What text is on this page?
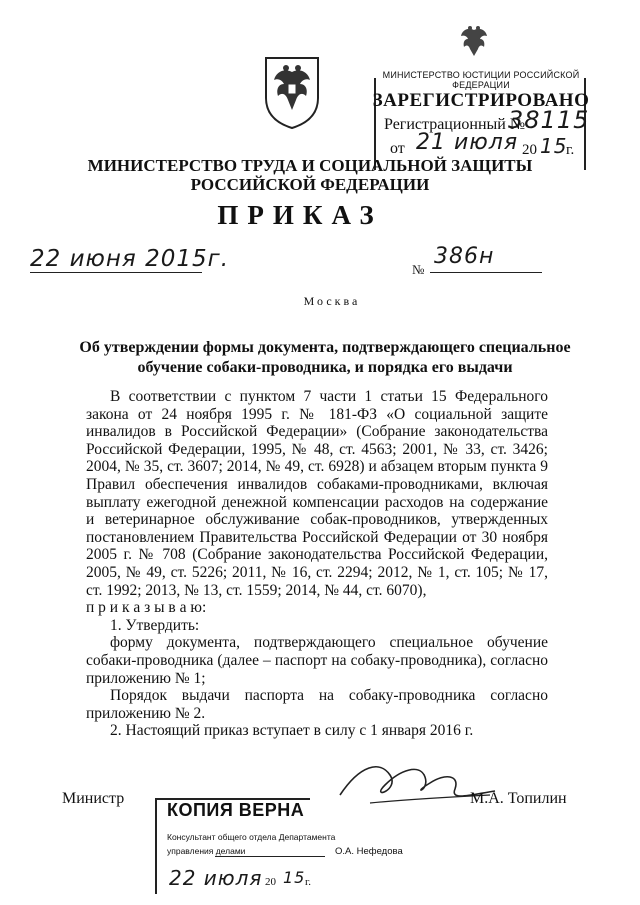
МИНИСТЕРСТВО ЮСТИЦИИ РОССИЙСКОЙ ФЕДЕРАЦИИ
ЗАРЕГИСТРИРОВАНО
Регистрационный №
38115
от 21 июля 20 15
г.
МИНИСТЕРСТВО ТРУДА И СОЦИАЛЬНОЙ ЗАЩИТЫ
РОССИЙСКОЙ ФЕДЕРАЦИИ
ПРИКАЗ
22 июня 2015г.	№
386н
Москва
Об утверждении формы документа, подтверждающего специальное обучение собаки-проводника, и порядка его выдачи

В соответствии с пунктом 7 части 1 статьи 15 Федерального закона от 24 ноября 1995 г. № 181-ФЗ «О социальной защите инвалидов в Российской Федерации» (Собрание законодательства Российской Федерации, 1995, № 48, ст. 4563; 2001, № 33, ст. 3426; 2004, № 35, ст. 3607; 2014, № 49, ст. 6928) и абзацем вторым пункта 9 Правил обеспечения инвалидов собаками-проводниками, включая выплату ежегодной денежной компенсации расходов на содержание и ветеринарное обслуживание собак-проводников, утвержденных постановлением Правительства Российской Федерации от 30 ноября 2005 г. № 708 (Собрание законодательства Российской Федерации, 2005, № 49, ст. 5226; 2011, № 16, ст. 2294; 2012, № 1, ст. 105; № 17, ст. 1992; 2013, № 13, ст. 1559; 2014, № 44, ст. 6070),

п р и к а з ы в а ю:

1. Утвердить:

форму документа, подтверждающего специальное обучение собаки-проводника (далее – паспорт на собаку-проводника), согласно приложению № 1;

Порядок выдачи паспорта на собаку-проводника согласно приложению № 2.

2. Настоящий приказ вступает в силу с 1 января 2016 г.

Министр	М.А. Топилин
КОПИЯ ВЕРНА
Консультант общего отдела Департамента
управления делами	О.А. Нефедова
22 июля 20 15 г.
